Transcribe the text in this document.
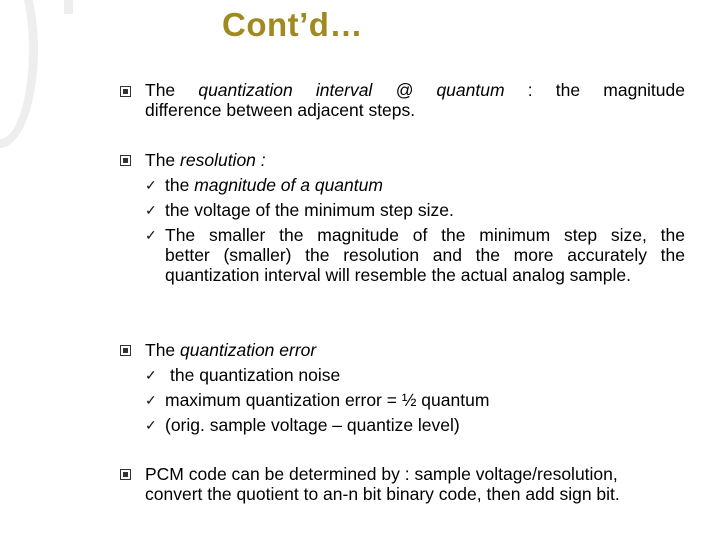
Cont’d…
The quantization interval @ quantum : the magnitude
difference between adjacent steps.
The resolution :
✓ the magnitude of a quantum
✓ the voltage of the minimum step size.
✓ The smaller the magnitude of the minimum step size, the
better (smaller) the resolution and the more accurately the
quantization interval will resemble the actual analog sample.
The quantization error
✓ the quantization noise
✓ maximum quantization error = ½ quantum
✓ (orig. sample voltage – quantize level)
PCM code can be determined by : sample voltage/resolution,
convert the quotient to an-n bit binary code, then add sign bit.
